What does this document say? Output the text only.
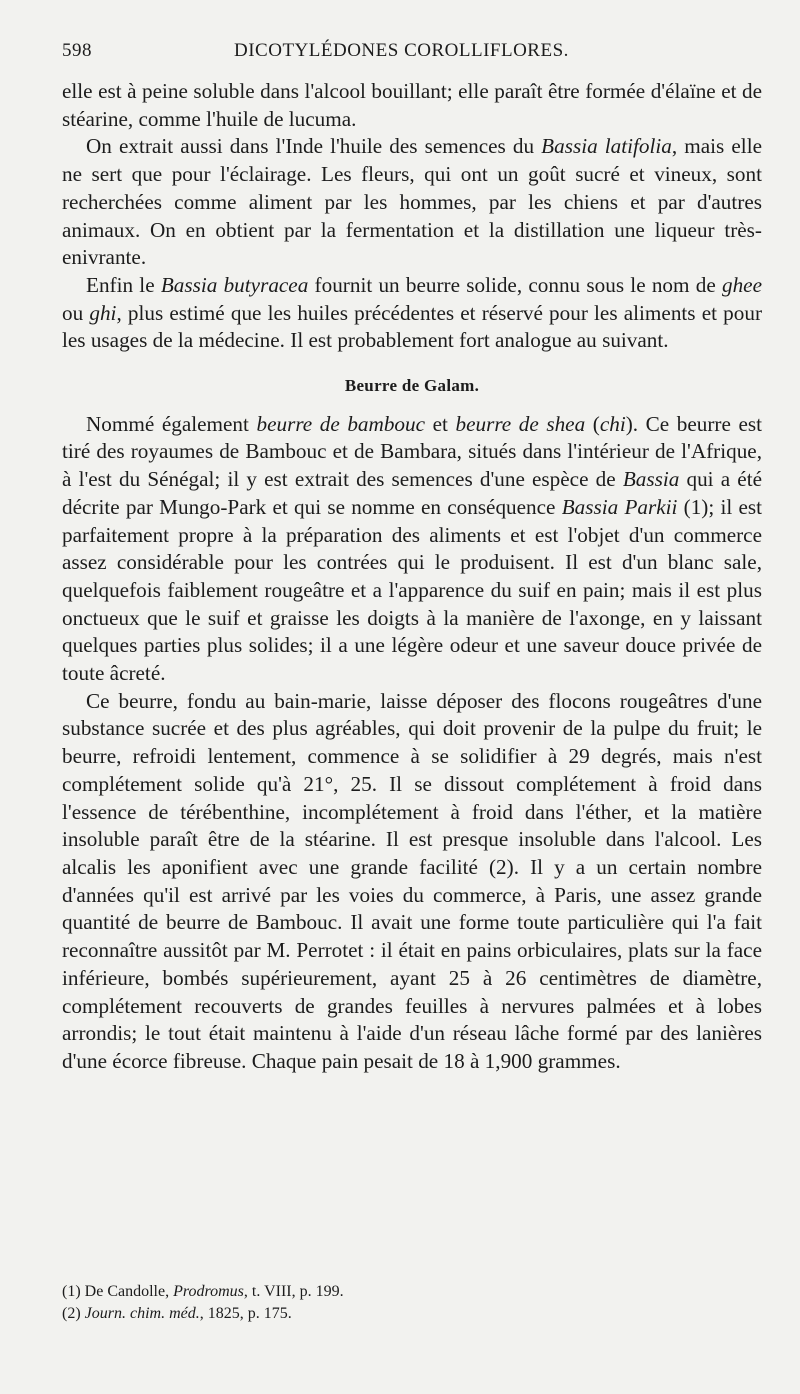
598	DICOTYLÉDONES COROLLIFLORES.

elle est à peine soluble dans l'alcool bouillant; elle paraît être formée d'élaïne et de stéarine, comme l'huile de lucuma.

On extrait aussi dans l'Inde l'huile des semences du Bassia latifolia, mais elle ne sert que pour l'éclairage. Les fleurs, qui ont un goût sucré et vineux, sont recherchées comme aliment par les hommes, par les chiens et par d'autres animaux. On en obtient par la fermentation et la distillation une liqueur très-enivrante.

Enfin le Bassia butyracea fournit un beurre solide, connu sous le nom de ghee ou ghi, plus estimé que les huiles précédentes et réservé pour les aliments et pour les usages de la médecine. Il est probablement fort analogue au suivant.

Beurre de Galam.

Nommé également beurre de bambouc et beurre de shea (chi). Ce beurre est tiré des royaumes de Bambouc et de Bambara, situés dans l'intérieur de l'Afrique, à l'est du Sénégal; il y est extrait des semences d'une espèce de Bassia qui a été décrite par Mungo-Park et qui se nomme en conséquence Bassia Parkii (1); il est parfaitement propre à la préparation des aliments et est l'objet d'un commerce assez considérable pour les contrées qui le produisent. Il est d'un blanc sale, quelquefois faiblement rougeâtre et a l'apparence du suif en pain; mais il est plus onctueux que le suif et graisse les doigts à la manière de l'axonge, en y laissant quelques parties plus solides; il a une légère odeur et une saveur douce privée de toute âcreté.

Ce beurre, fondu au bain-marie, laisse déposer des flocons rougeâtres d'une substance sucrée et des plus agréables, qui doit provenir de la pulpe du fruit; le beurre, refroidi lentement, commence à se solidifier à 29 degrés, mais n'est complétement solide qu'à 21°, 25. Il se dissout complétement à froid dans l'essence de térébenthine, incomplétement à froid dans l'éther, et la matière insoluble paraît être de la stéarine. Il est presque insoluble dans l'alcool. Les alcalis les aponifient avec une grande facilité (2). Il y a un certain nombre d'années qu'il est arrivé par les voies du commerce, à Paris, une assez grande quantité de beurre de Bambouc. Il avait une forme toute particulière qui l'a fait reconnaître aussitôt par M. Perrotet : il était en pains orbiculaires, plats sur la face inférieure, bombés supérieurement, ayant 25 à 26 centimètres de diamètre, complétement recouverts de grandes feuilles à nervures palmées et à lobes arrondis; le tout était maintenu à l'aide d'un réseau lâche formé par des lanières d'une écorce fibreuse. Chaque pain pesait de 18 à 1,900 grammes.

(1) De Candolle, Prodromus, t. VIII, p. 199.
(2) Journ. chim. méd., 1825, p. 175.
